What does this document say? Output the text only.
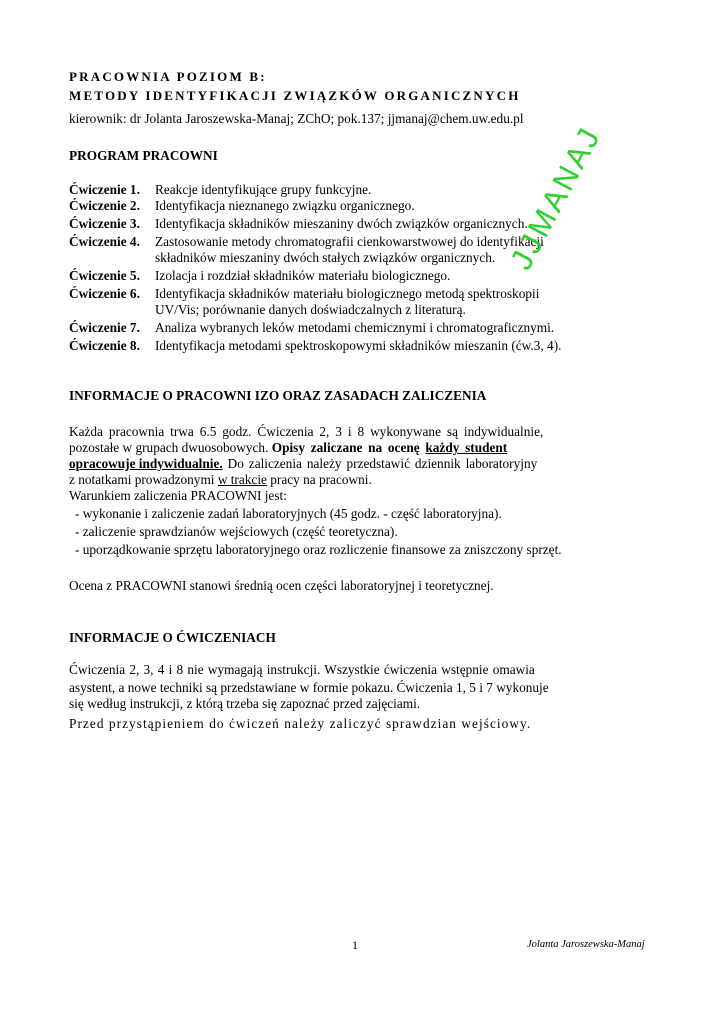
PRACOWNIA POZIOM B:
METODY IDENTYFIKACJI ZWIĄZKÓW ORGANICZNYCH
kierownik: dr Jolanta Jaroszewska-Manaj; ZChO; pok.137; jjmanaj@chem.uw.edu.pl
PROGRAM PRACOWNI
Ćwiczenie 1. Reakcje identyfikujące grupy funkcyjne.
Ćwiczenie 2. Identyfikacja nieznanego związku organicznego.
Ćwiczenie 3. Identyfikacja składników mieszaniny dwóch związków organicznych.
Ćwiczenie 4. Zastosowanie metody chromatografii cienkowarstwowej do identyfikacji
składników mieszaniny dwóch stałych związków organicznych.
Ćwiczenie 5. Izolacja i rozdział składników materiału biologicznego.
Ćwiczenie 6. Identyfikacja składników materiału biologicznego metodą spektroskopii
UV/Vis; porównanie danych doświadczalnych z literaturą.
Ćwiczenie 7. Analiza wybranych leków metodami chemicznymi i chromatograficznymi.
Ćwiczenie 8. Identyfikacja metodami spektroskopowymi składników mieszanin (ćw.3, 4).
JJMANAJ
INFORMACJE O PRACOWNI IZO ORAZ ZASADACH ZALICZENIA
Każda pracownia trwa 6.5 godz. Ćwiczenia 2, 3 i 8 wykonywane są indywidualnie,
pozostałe w grupach dwuosobowych. Opisy zaliczane na ocenę każdy student
opracowuje indywidualnie. Do zaliczenia należy przedstawić dziennik laboratoryjny
z notatkami prowadzonymi w trakcie pracy na pracowni.
Warunkiem zaliczenia PRACOWNI jest:
- wykonanie i zaliczenie zadań laboratoryjnych (45 godz. - część laboratoryjna).
- zaliczenie sprawdzianów wejściowych (część teoretyczna).
- uporządkowanie sprzętu laboratoryjnego oraz rozliczenie finansowe za zniszczony sprzęt.
Ocena z PRACOWNI stanowi średnią ocen części laboratoryjnej i teoretycznej.
INFORMACJE O ĆWICZENIACH
Ćwiczenia 2, 3, 4 i 8 nie wymagają instrukcji. Wszystkie ćwiczenia wstępnie omawia
asystent, a nowe techniki są przedstawiane w formie pokazu. Ćwiczenia 1, 5 i 7 wykonuje
się według instrukcji, z którą trzeba się zapoznać przed zajęciami.
Przed przystąpieniem do ćwiczeń należy zaliczyć sprawdzian wejściowy.
1	Jolanta Jaroszewska-Manaj
